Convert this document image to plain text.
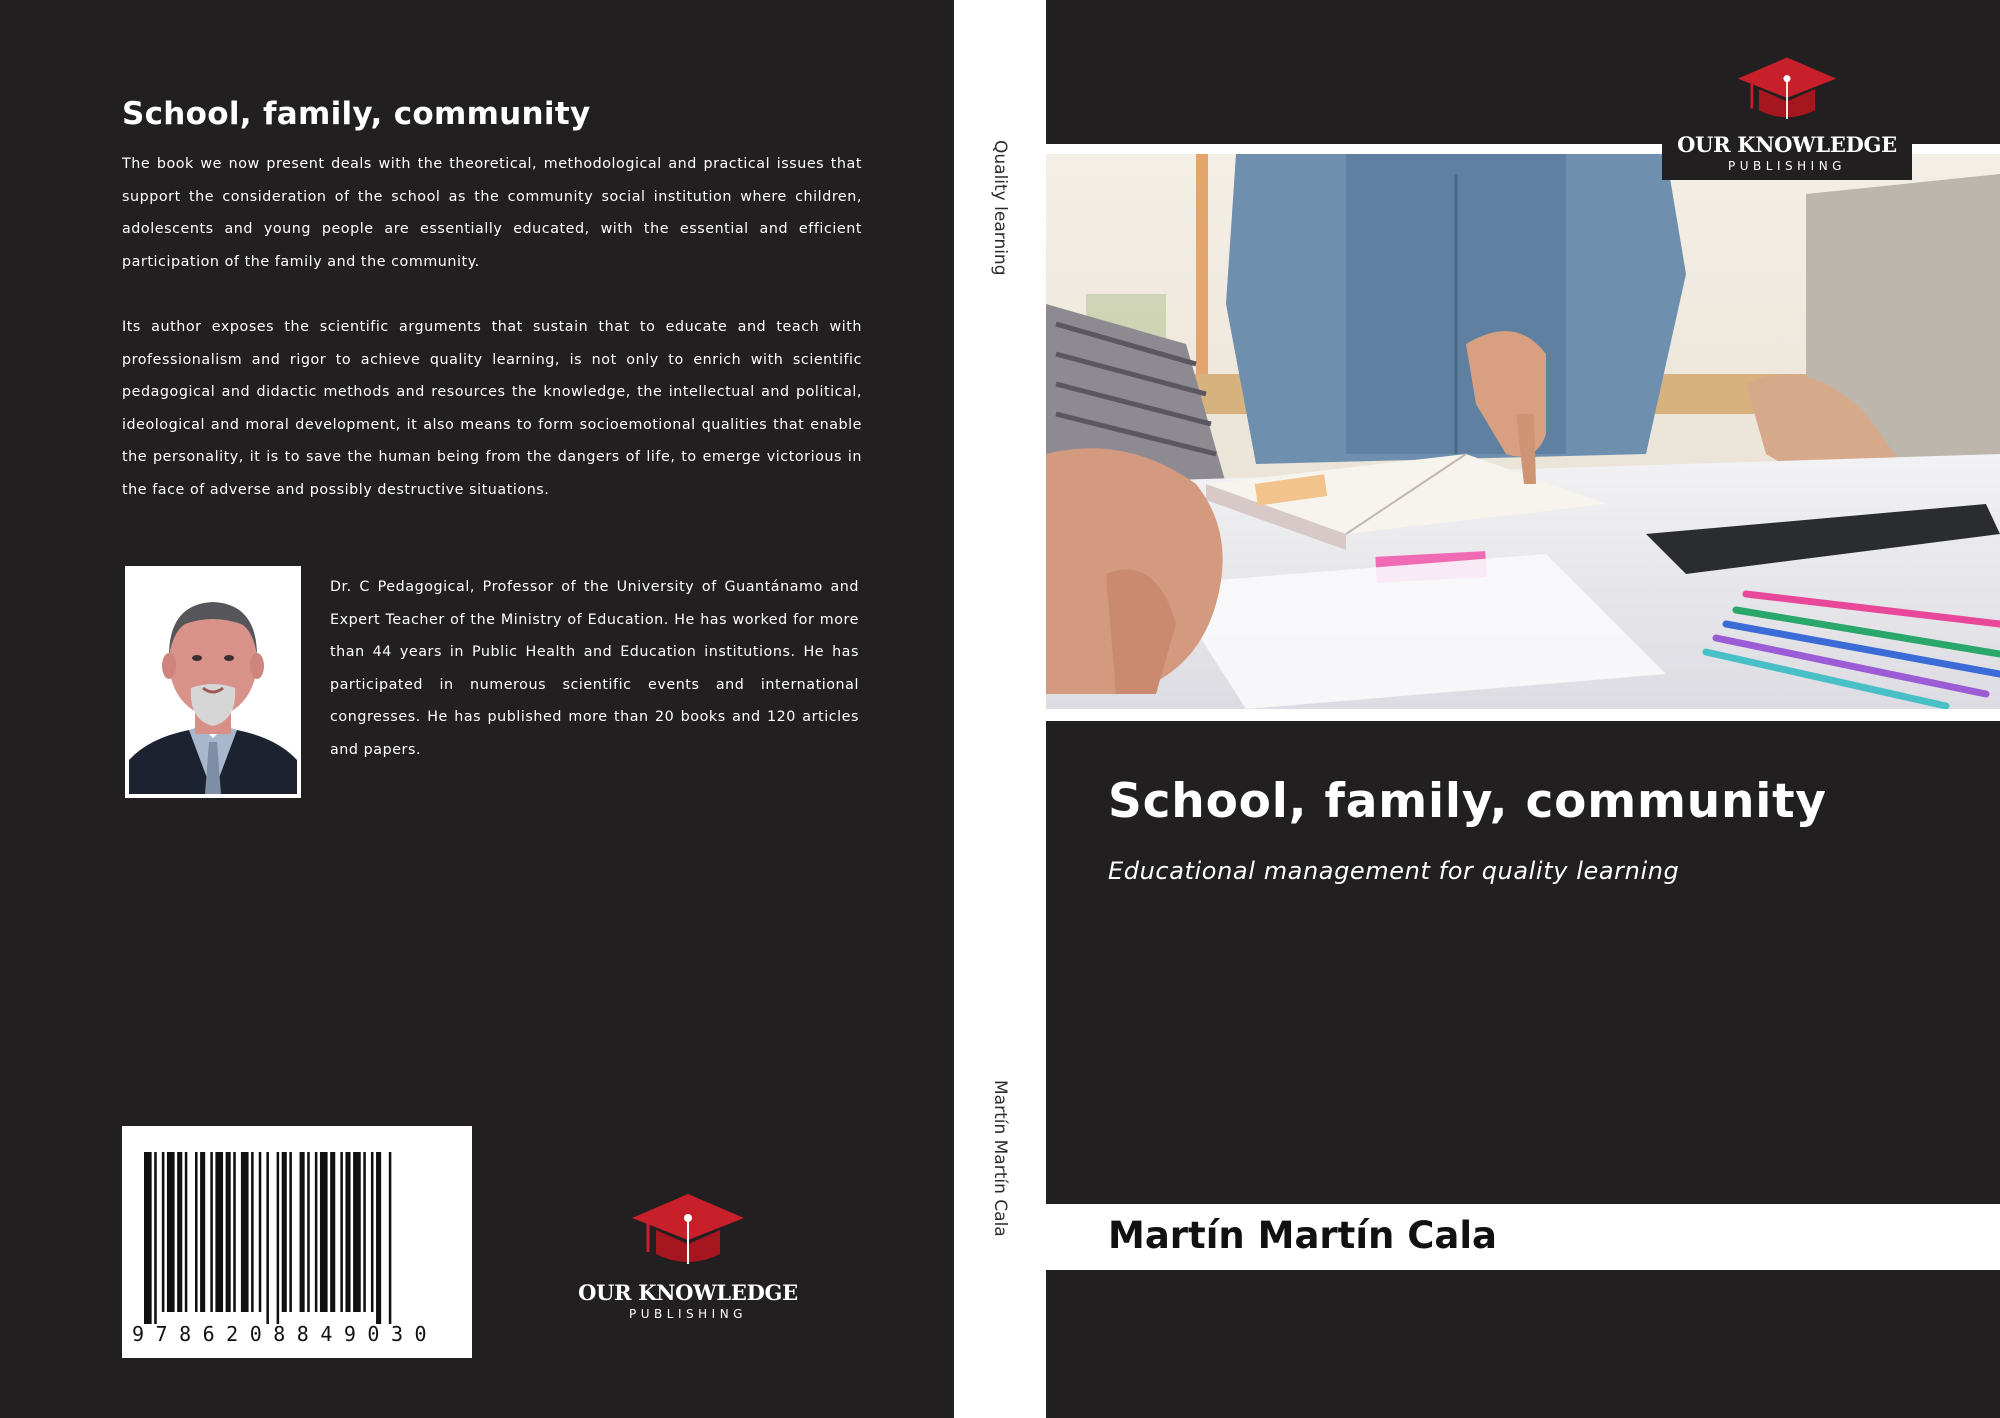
School, family, community

The book we now present deals with the theoretical, methodological and practical issues that support the consideration of the school as the community social institution where children, adolescents and young people are essentially educated, with the essential and efficient participation of the family and the community.

Its author exposes the scientific arguments that sustain that to educate and teach with professionalism and rigor to achieve quality learning, is not only to enrich with scientific pedagogical and didactic methods and resources the knowledge, the intellectual and political, ideological and moral development, it also means to form socioemotional qualities that enable the personality, it is to save the human being from the dangers of life, to emerge victorious in the face of adverse and possibly destructive situations.

Dr. C Pedagogical, Professor of the University of Guantánamo and Expert Teacher of the Ministry of Education. He has worked for more than 44 years in Public Health and Education institutions. He has participated in numerous scientific events and international congresses. He has published more than 20 books and 120 articles and papers.
9786208849030
OUR KNOWLEDGE
PUBLISHING
Quality learning
Martín Martín Cala
OUR KNOWLEDGE
PUBLISHING
School, family, community
Educational management for quality learning
Martín Martín Cala
